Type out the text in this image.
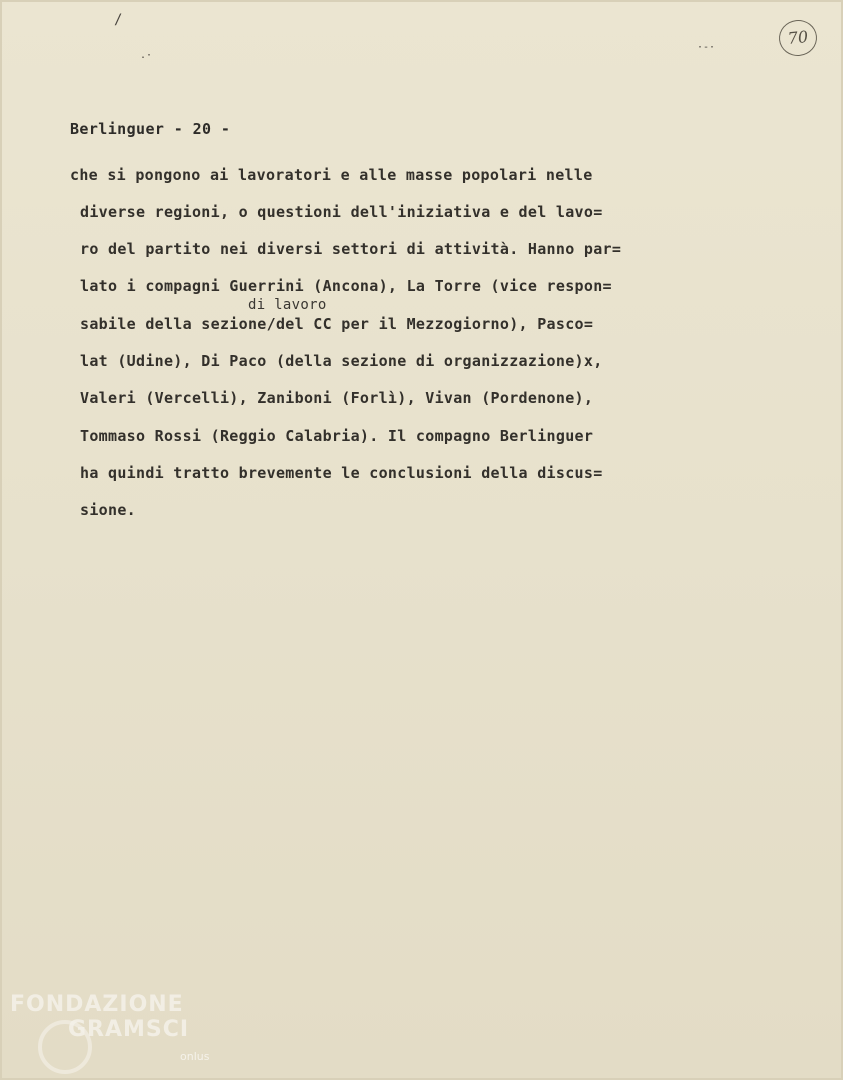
/
.·
·-·	70
Berlinguer - 20 -
che si pongono ai lavoratori e alle masse popolari nelle
diverse regioni, o questioni dell'iniziativa e del lavo=
ro del partito nei diversi settori di attività. Hanno par=
lato i compagni Guerrini (Ancona), La Torre (vice respon=
di lavoro
sabile della sezione/del CC per il Mezzogiorno), Pasco=
lat (Udine), Di Paco (della sezione di organizzazione)x,
Valeri (Vercelli), Zaniboni (Forlì), Vivan (Pordenone),
Tommaso Rossi (Reggio Calabria). Il compagno Berlinguer
ha quindi tratto brevemente le conclusioni della discus=
sione.
FONDAZIONE
GRAMSCI
onlus
